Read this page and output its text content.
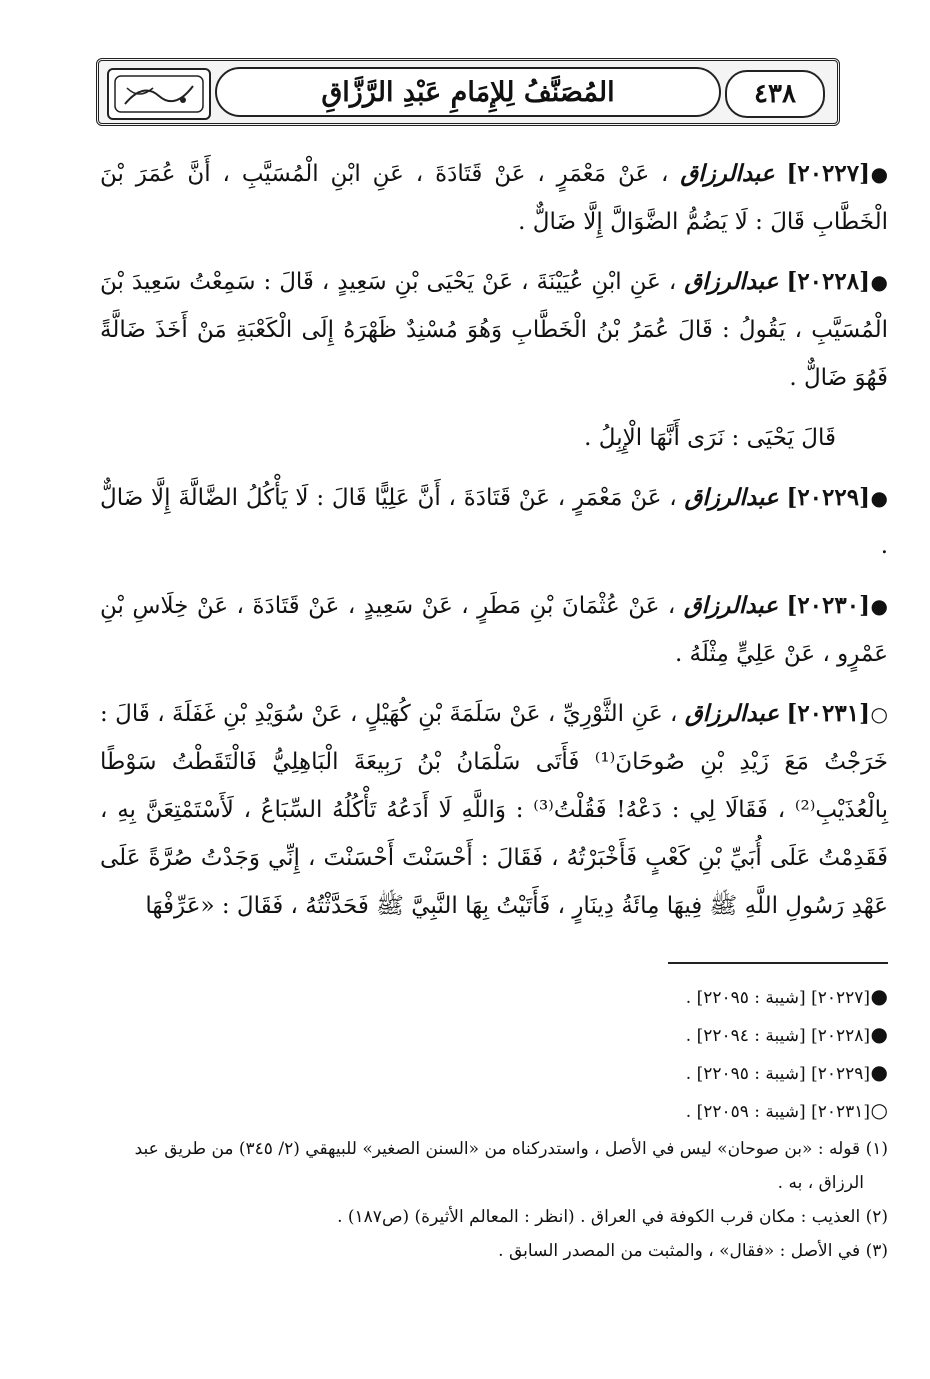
٤٣٨
المُصَنَّفُ لِلإِمَامِ عَبْدِ الرَّزَّاقِ

●[٢٠٢٢٧] عبدالرزاق ، عَنْ مَعْمَرٍ ، عَنْ قَتَادَةَ ، عَنِ ابْنِ الْمُسَيَّبِ ، أَنَّ عُمَرَ بْنَ الْخَطَّابِ قَالَ : لَا يَضُمُّ الضَّوَالَّ إِلَّا ضَالٌّ .

●[٢٠٢٢٨] عبدالرزاق ، عَنِ ابْنِ عُيَيْنَةَ ، عَنْ يَحْيَى بْنِ سَعِيدٍ ، قَالَ : سَمِعْتُ سَعِيدَ بْنَ الْمُسَيَّبِ ، يَقُولُ : قَالَ عُمَرُ بْنُ الْخَطَّابِ وَهُوَ مُسْنِدٌ ظَهْرَهُ إِلَى الْكَعْبَةِ مَنْ أَخَذَ ضَالَّةً فَهُوَ ضَالٌّ .

قَالَ يَحْيَى : نَرَى أَنَّهَا الْإِبِلُ .

●[٢٠٢٢٩] عبدالرزاق ، عَنْ مَعْمَرٍ ، عَنْ قَتَادَةَ ، أَنَّ عَلِيًّا قَالَ : لَا يَأْكُلُ الضَّالَّةَ إِلَّا ضَالٌّ .

●[٢٠٢٣٠] عبدالرزاق ، عَنْ عُثْمَانَ بْنِ مَطَرٍ ، عَنْ سَعِيدٍ ، عَنْ قَتَادَةَ ، عَنْ خِلَاسِ بْنِ عَمْرٍو ، عَنْ عَلِيٍّ مِثْلَهُ .

○[٢٠٢٣١] عبدالرزاق ، عَنِ الثَّوْرِيِّ ، عَنْ سَلَمَةَ بْنِ كُهَيْلٍ ، عَنْ سُوَيْدِ بْنِ غَفَلَةَ ، قَالَ : خَرَجْتُ مَعَ زَيْدِ بْنِ صُوحَانَ⁽¹⁾ فَأَتَى سَلْمَانُ بْنُ رَبِيعَةَ الْبَاهِلِيُّ فَالْتَقَطْتُ سَوْطًا بِالْعُذَيْبِ⁽²⁾ ، فَقَالَا لِي : دَعْهُ! فَقُلْتُ⁽³⁾ : وَاللَّهِ لَا أَدَعُهُ تَأْكُلُهُ السِّبَاعُ ، لَأَسْتَمْتِعَنَّ بِهِ ، فَقَدِمْتُ عَلَى أُبَيِّ بْنِ كَعْبٍ فَأَخْبَرْتُهُ ، فَقَالَ : أَحْسَنْتَ أَحْسَنْتَ ، إِنِّي وَجَدْتُ صُرَّةً عَلَى عَهْدِ رَسُولِ اللَّهِ ﷺ فِيهَا مِائَةُ دِينَارٍ ، فَأَتَيْتُ بِهَا النَّبِيَّ ﷺ فَحَدَّثْتُهُ ، فَقَالَ : «عَرِّفْهَا

●[٢٠٢٢٧] [شيبة : ٢٢٠٩٥] .

●[٢٠٢٢٨] [شيبة : ٢٢٠٩٤] .

●[٢٠٢٢٩] [شيبة : ٢٢٠٩٥] .

○[٢٠٢٣١] [شيبة : ٢٢٠٥٩] .

(١) قوله : «بن صوحان» ليس في الأصل ، واستدركناه من «السنن الصغير» للبيهقي (٢/ ٣٤٥) من طريق عبد الرزاق ، به .

(٢) العذيب : مكان قرب الكوفة في العراق . (انظر : المعالم الأثيرة) (ص١٨٧) .

(٣) في الأصل : «فقال» ، والمثبت من المصدر السابق .
